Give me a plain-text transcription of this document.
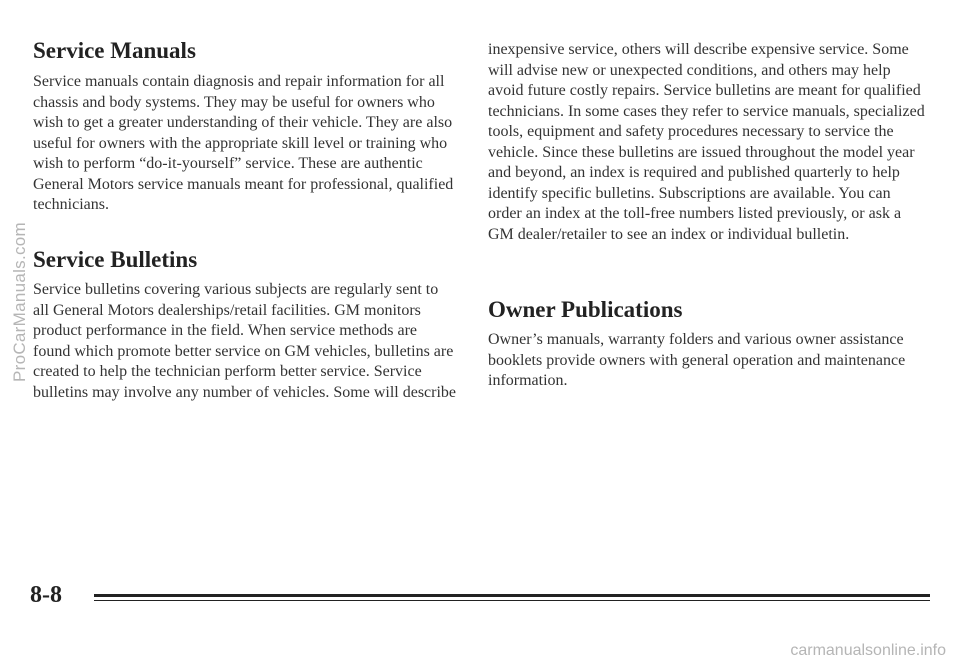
Service Manuals

Service manuals contain diagnosis and repair information for all chassis and body systems. They may be useful for owners who wish to get a greater understanding of their vehicle. They are also useful for owners with the appropriate skill level or training who wish to perform “do-it-yourself” service. These are authentic General Motors service manuals meant for professional, qualified technicians.

Service Bulletins

Service bulletins covering various subjects are regularly sent to all General Motors dealerships/retail facilities. GM monitors product performance in the field. When service methods are found which promote better service on GM vehicles, bulletins are created to help the technician perform better service. Service bulletins may involve any number of vehicles. Some will describe

inexpensive service, others will describe expensive service. Some will advise new or unexpected conditions, and others may help avoid future costly repairs. Service bulletins are meant for qualified technicians. In some cases they refer to service manuals, specialized tools, equipment and safety procedures necessary to service the vehicle. Since these bulletins are issued throughout the model year and beyond, an index is required and published quarterly to help identify specific bulletins. Subscriptions are available. You can order an index at the toll-free numbers listed previously, or ask a GM dealer/retailer to see an index or individual bulletin.

Owner Publications

Owner’s manuals, warranty folders and various owner assistance booklets provide owners with general operation and maintenance information.

ProCarManuals.com
8-8
carmanualsonline.info
